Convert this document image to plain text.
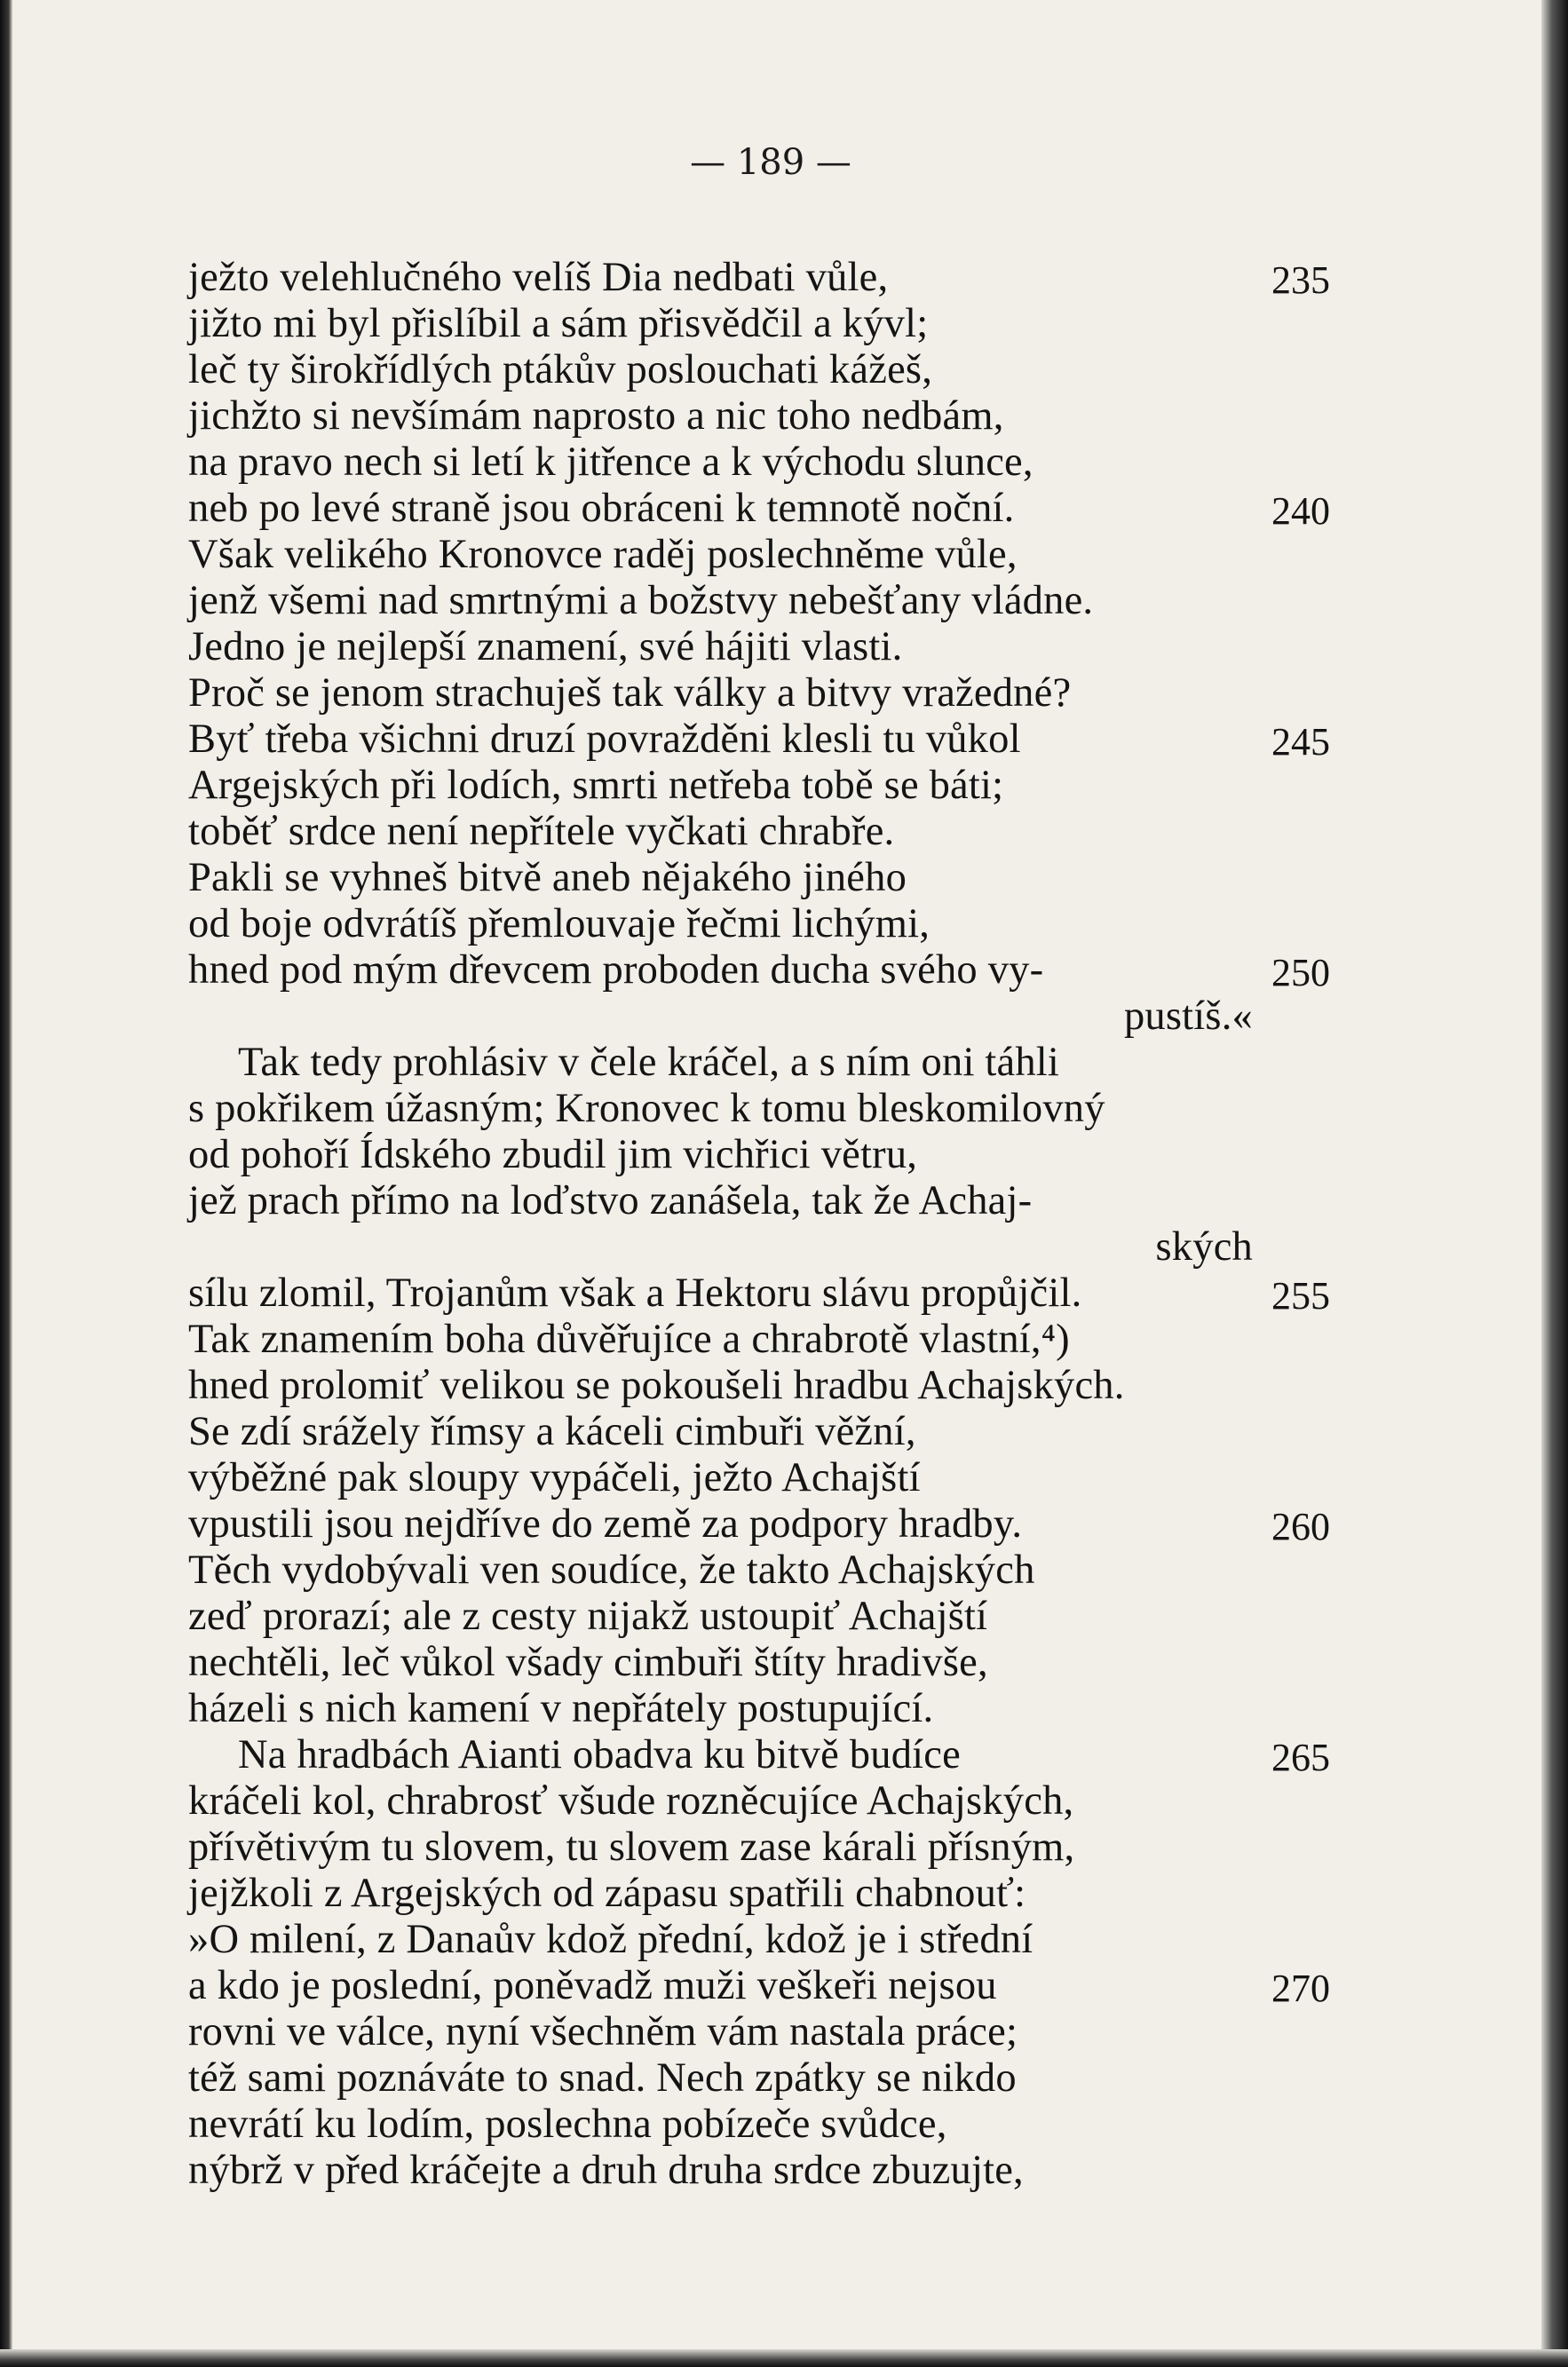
— 189 —
ježto velehlučného velíš Dia nedbati vůle,
jižto mi byl přislíbil a sám přisvědčil a kývl;
leč ty širokřídlých ptákův poslouchati kážeš,
jichžto si nevšímám naprosto a nic toho nedbám,
na pravo nech si letí k jitřence a k východu slunce,
neb po levé straně jsou obráceni k temnotě noční.
Však velikého Kronovce raděj poslechněme vůle,
jenž všemi nad smrtnými a božstvy nebešťany vládne.
Jedno je nejlepší znamení, své hájiti vlasti.
Proč se jenom strachuješ tak války a bitvy vražedné?
Byť třeba všichni druzí povražděni klesli tu vůkol
Argejských při lodích, smrti netřeba tobě se báti;
toběť srdce není nepřítele vyčkati chrabře.
Pakli se vyhneš bitvě aneb nějakého jiného
od boje odvrátíš přemlouvaje řečmi lichými,
hned pod mým dřevcem proboden ducha svého vy-
pustíš.«
Tak tedy prohlásiv v čele kráčel, a s ním oni táhli
s pokřikem úžasným; Kronovec k tomu bleskomilovný
od pohoří Ídského zbudil jim vichřici větru,
jež prach přímo na loďstvo zanášela, tak že Achaj-
ských
sílu zlomil, Trojanům však a Hektoru slávu propůjčil.
Tak znamením boha důvěřujíce a chrabrotě vlastní,⁴)
hned prolomiť velikou se pokoušeli hradbu Achajských.
Se zdí srážely římsy a káceli cimbuři věžní,
výběžné pak sloupy vypáčeli, ježto Achajští
vpustili jsou nejdříve do země za podpory hradby.
Těch vydobývali ven soudíce, že takto Achajských
zeď prorazí; ale z cesty nijakž ustoupiť Achajští
nechtěli, leč vůkol všady cimbuři štíty hradivše,
házeli s nich kamení v nepřátely postupující.
Na hradbách Aianti obadva ku bitvě budíce
kráčeli kol, chrabrosť všude rozněcujíce Achajských,
přívětivým tu slovem, tu slovem zase kárali přísným,
jejžkoli z Argejských od zápasu spatřili chabnouť:
»O milení, z Danaův kdož přední, kdož je i střední
a kdo je poslední, poněvadž muži veškeři nejsou
rovni ve válce, nyní všechněm vám nastala práce;
též sami poznáváte to snad. Nech zpátky se nikdo
nevrátí ku lodím, poslechna pobízeče svůdce,
nýbrž v před kráčejte a druh druha srdce zbuzujte,
235
240
245
250
255
260
265
270
